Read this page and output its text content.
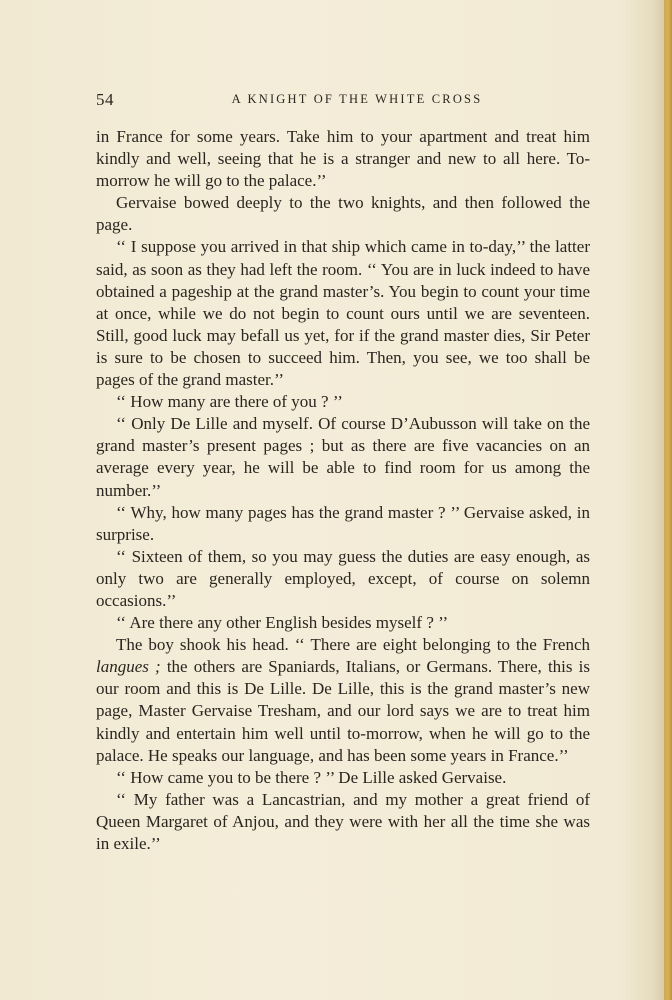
54	A KNIGHT OF THE WHITE CROSS

in France for some years. Take him to your apartment and treat him kindly and well, seeing that he is a stranger and new to all here. To-morrow he will go to the palace.’’

Gervaise bowed deeply to the two knights, and then followed the page.

‘‘ I suppose you arrived in that ship which came in to-day,’’ the latter said, as soon as they had left the room. ‘‘ You are in luck indeed to have obtained a pageship at the grand master’s. You begin to count your time at once, while we do not begin to count ours until we are seventeen. Still, good luck may befall us yet, for if the grand master dies, Sir Peter is sure to be chosen to succeed him. Then, you see, we too shall be pages of the grand master.’’

‘‘ How many are there of you ? ’’

‘‘ Only De Lille and myself. Of course D’Aubusson will take on the grand master’s present pages ; but as there are five vacancies on an average every year, he will be able to find room for us among the number.’’

‘‘ Why, how many pages has the grand master ? ’’ Gervaise asked, in surprise.

‘‘ Sixteen of them, so you may guess the duties are easy enough, as only two are generally employed, except, of course on solemn occasions.’’

‘‘ Are there any other English besides myself ? ’’

The boy shook his head. ‘‘ There are eight belonging to the French langues ; the others are Spaniards, Italians, or Germans. There, this is our room and this is De Lille. De Lille, this is the grand master’s new page, Master Gervaise Tresham, and our lord says we are to treat him kindly and entertain him well until to-morrow, when he will go to the palace. He speaks our language, and has been some years in France.’’

‘‘ How came you to be there ? ’’ De Lille asked Gervaise.

‘‘ My father was a Lancastrian, and my mother a great friend of Queen Margaret of Anjou, and they were with her all the time she was in exile.’’
